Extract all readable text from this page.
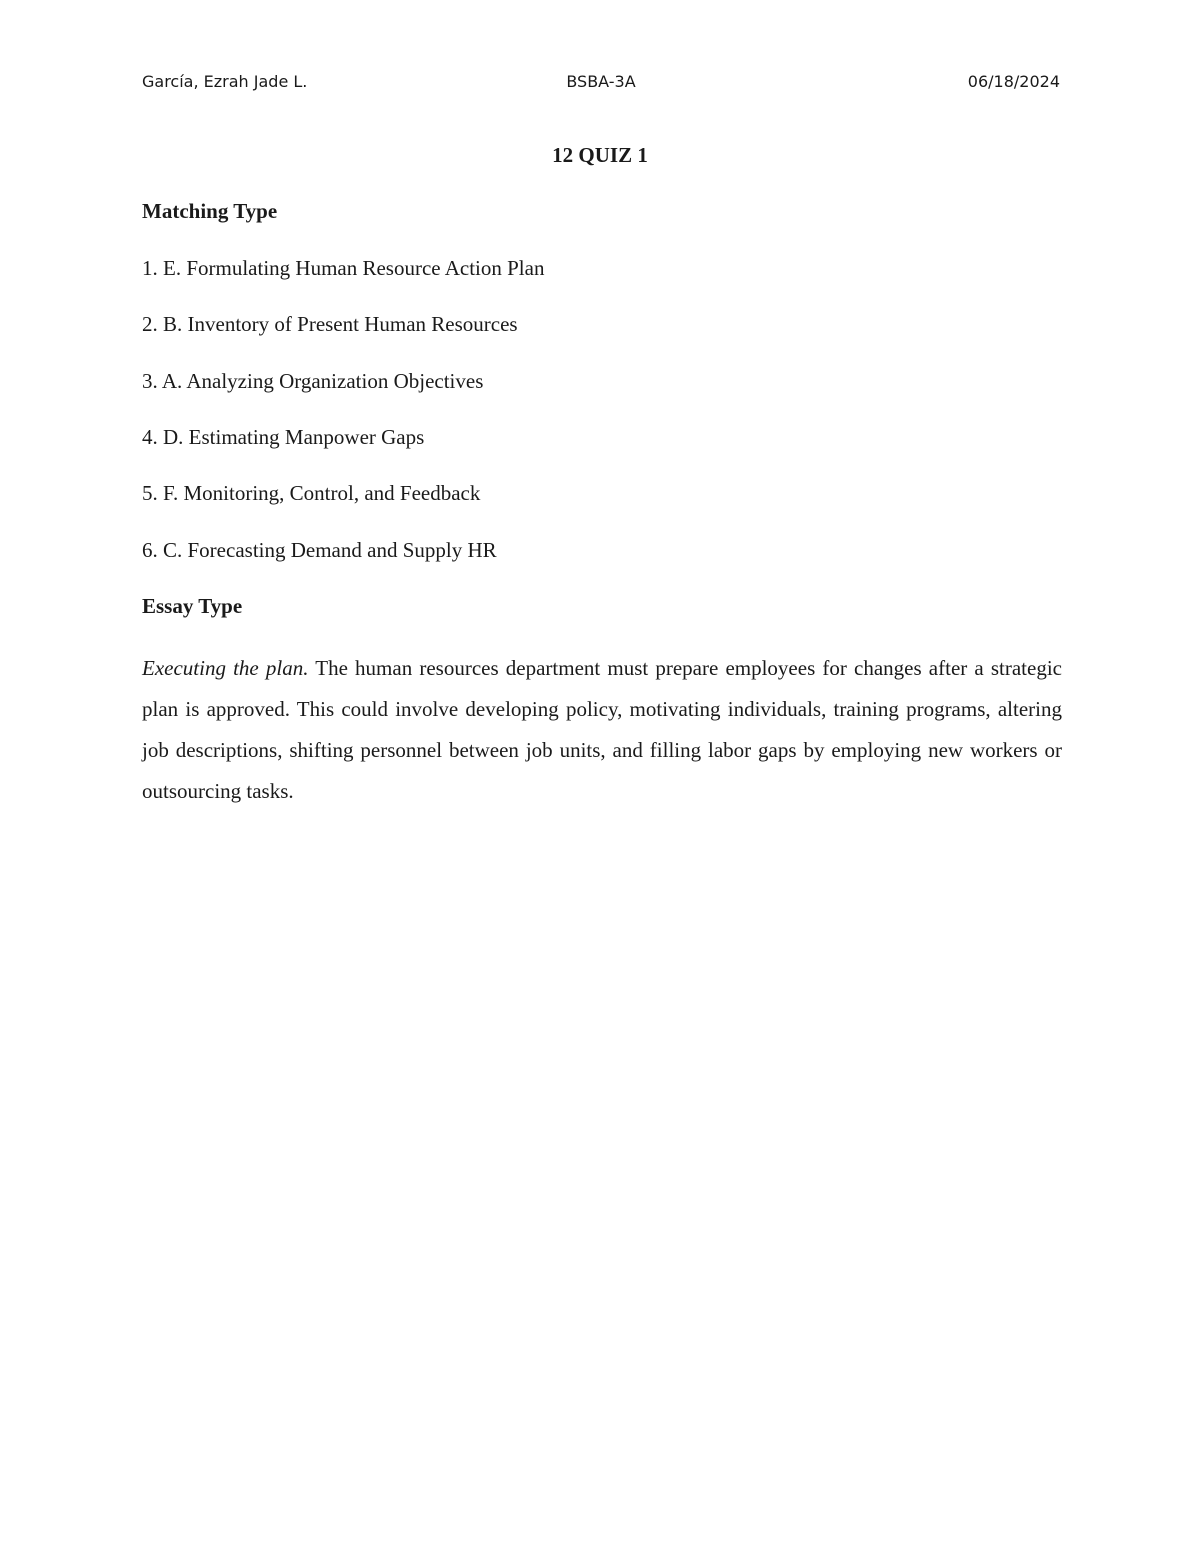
García, Ezrah Jade L.	BSBA-3A	06/18/2024
12 QUIZ 1
Matching Type
1. E. Formulating Human Resource Action Plan
2. B. Inventory of Present Human Resources
3. A. Analyzing Organization Objectives
4. D. Estimating Manpower Gaps
5. F. Monitoring, Control, and Feedback
6. C. Forecasting Demand and Supply HR
Essay Type
Executing the plan. The human resources department must prepare employees for changes after a strategic plan is approved. This could involve developing policy, motivating individuals, training programs, altering job descriptions, shifting personnel between job units, and filling labor gaps by employing new workers or outsourcing tasks.
